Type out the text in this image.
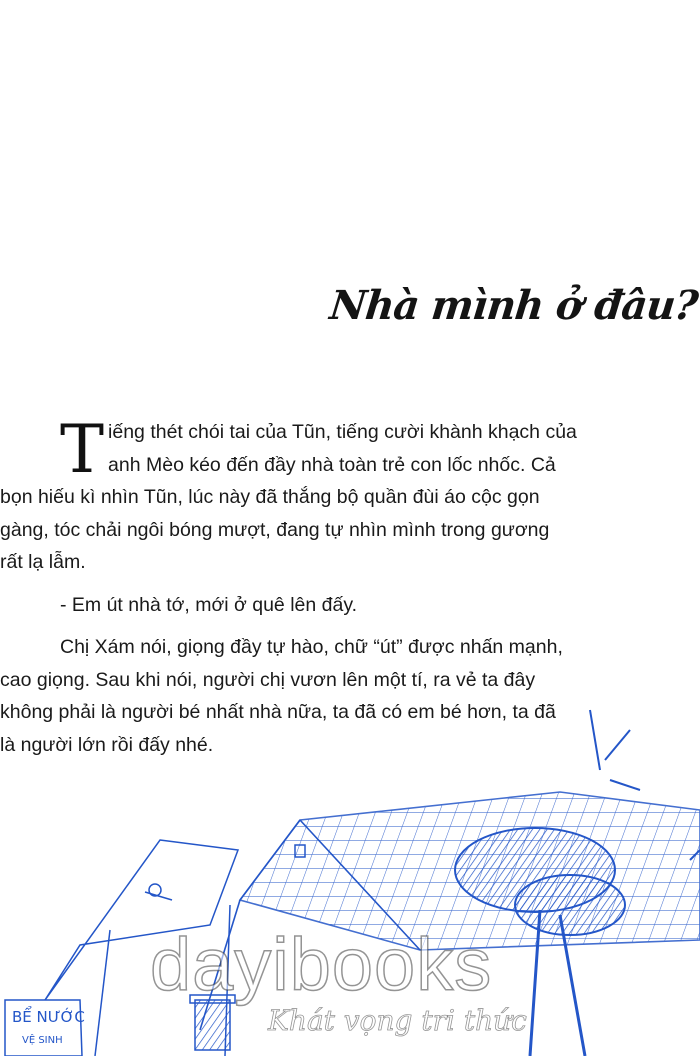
Nhà mình ở đâu?
T iếng thét chói tai của Tũn, tiếng cười khành khạch của
anh Mèo kéo đến đầy nhà toàn trẻ con lốc nhốc. Cả
bọn hiếu kì nhìn Tũn, lúc này đã thắng bộ quần đùi áo cộc gọn
gàng, tóc chải ngôi bóng mượt, đang tự nhìn mình trong gương
rất lạ lẫm.
- Em út nhà tớ, mới ở quê lên đấy.
Chị Xám nói, giọng đầy tự hào, chữ “út” được nhấn mạnh,
cao giọng. Sau khi nói, người chị vươn lên một tí, ra vẻ ta đây
không phải là người bé nhất nhà nữa, ta đã có em bé hơn, ta đã
là người lớn rồi đấy nhé.
BỂ NƯỚC
VỆ SINH
dayibooks
Khát vọng tri thức
